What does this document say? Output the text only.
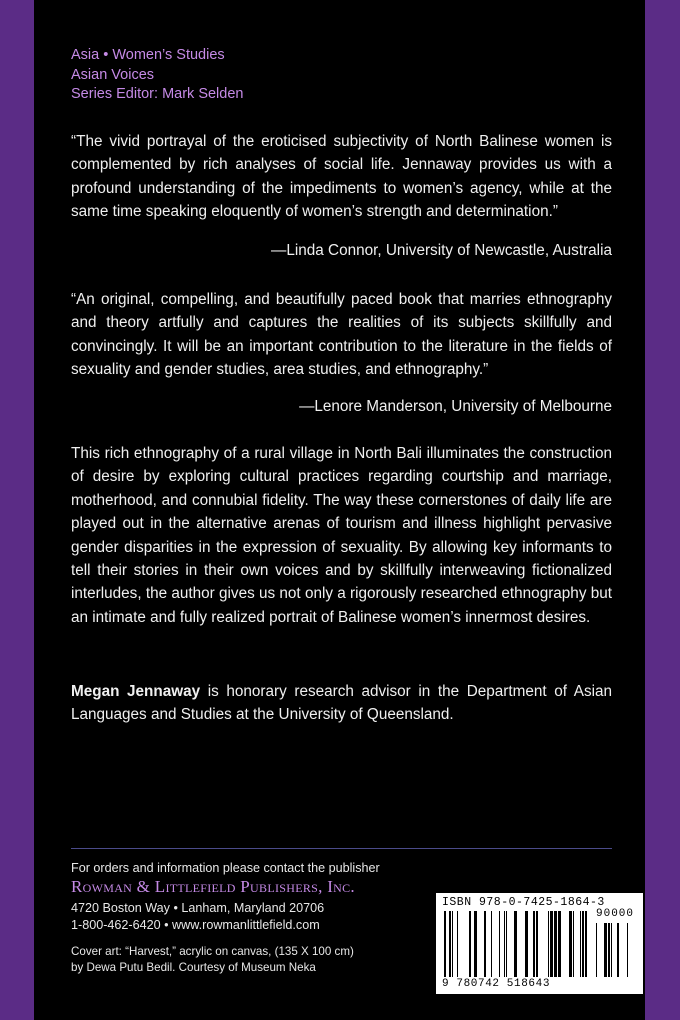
Asia • Women’s Studies
Asian Voices
Series Editor: Mark Selden
“The vivid portrayal of the eroticised subjectivity of North Balinese women is complemented by rich analyses of social life. Jennaway provides us with a profound understanding of the impediments to women’s agency, while at the same time speaking eloquently of women’s strength and determination.”
—Linda Connor, University of Newcastle, Australia
“An original, compelling, and beautifully paced book that marries ethnography and theory artfully and captures the realities of its subjects skillfully and convincingly. It will be an important contribution to the literature in the fields of sexuality and gender studies, area studies, and ethnography.”
—Lenore Manderson, University of Melbourne
This rich ethnography of a rural village in North Bali illuminates the construction of desire by exploring cultural practices regarding courtship and marriage, motherhood, and connubial fidelity. The way these cornerstones of daily life are played out in the alternative arenas of tourism and illness highlight pervasive gender disparities in the expression of sexuality. By allowing key informants to tell their stories in their own voices and by skillfully interweaving fictionalized interludes, the author gives us not only a rigorously researched ethnography but an intimate and fully realized portrait of Balinese women’s innermost desires.
Megan Jennaway is honorary research advisor in the Department of Asian Languages and Studies at the University of Queensland.
For orders and information please contact the publisher
Rowman & Littlefield Publishers, Inc.
4720 Boston Way • Lanham, Maryland 20706
1-800-462-6420 • www.rowmanlittlefield.com
Cover art: “Harvest,” acrylic on canvas, (135 X 100 cm)
by Dewa Putu Bedil. Courtesy of Museum Neka
ISBN 978-0-7425-1864-3
90000
9 780742 518643
